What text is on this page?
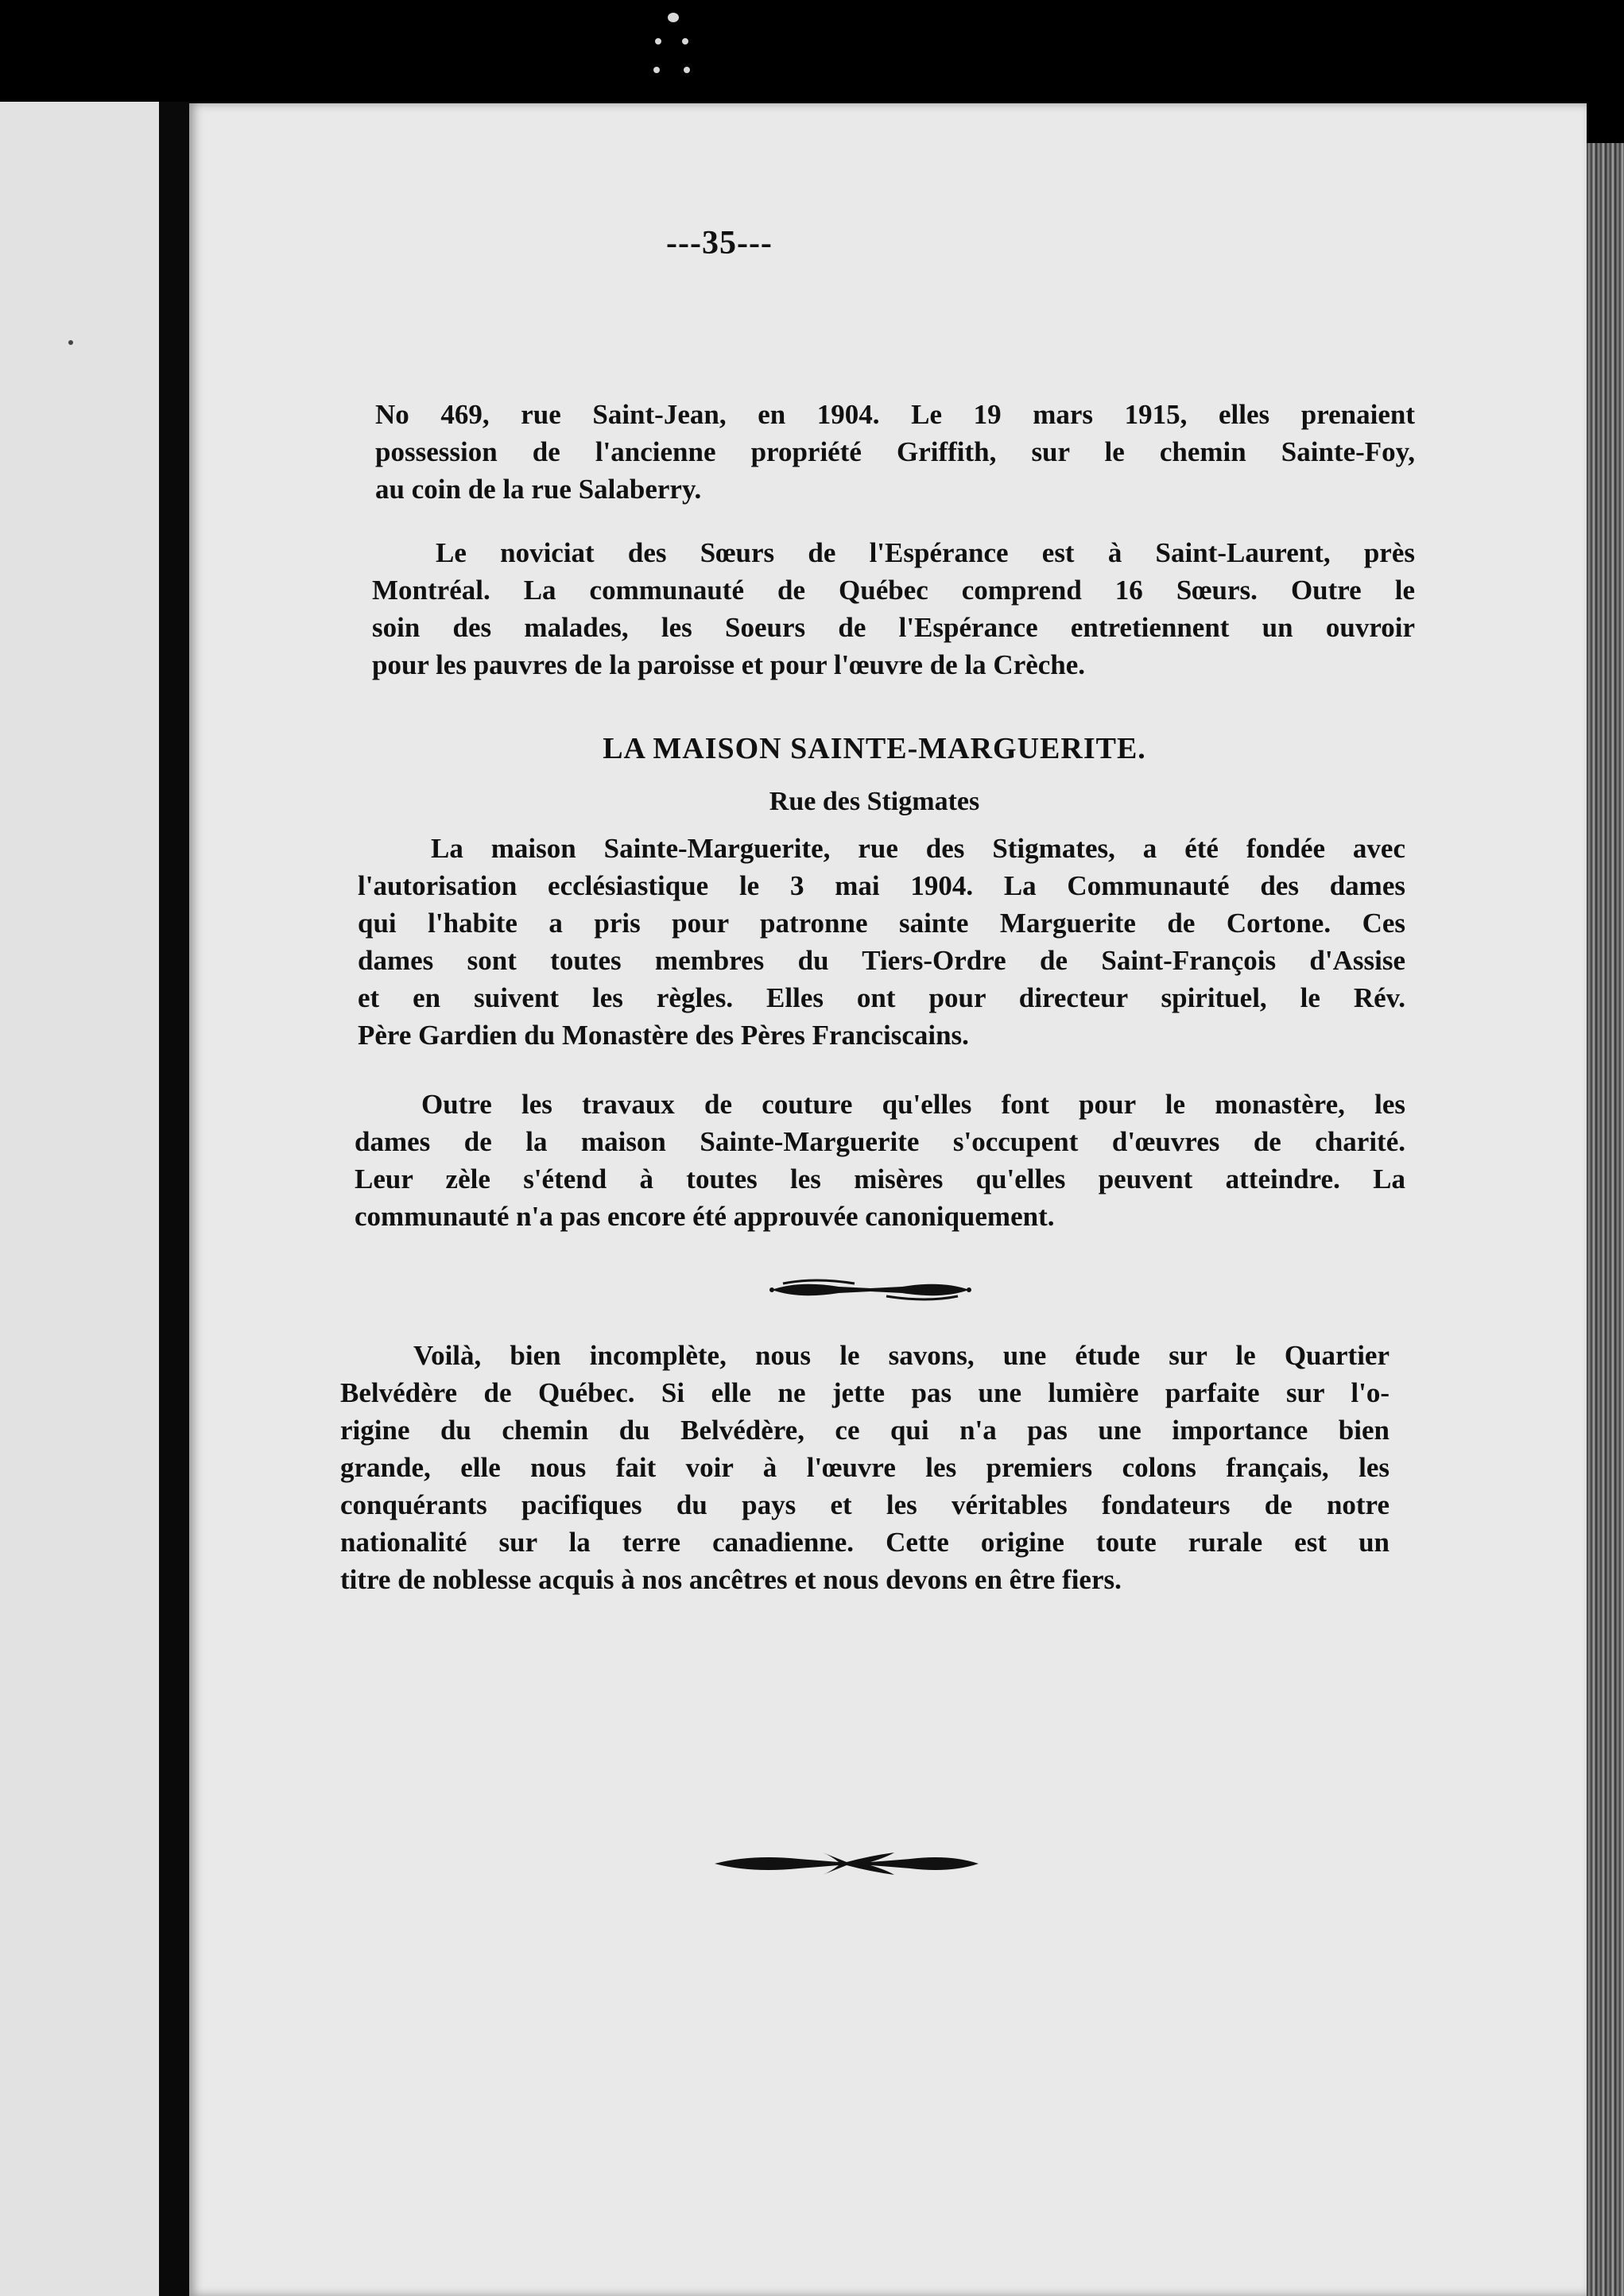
---35---
No 469, rue Saint-Jean, en 1904. Le 19 mars 1915, elles prenaient
possession de l'ancienne propriété Griffith, sur le chemin Sainte-Foy,
au coin de la rue Salaberry.
Le noviciat des Sœurs de l'Espérance est à Saint-Laurent, près
Montréal. La communauté de Québec comprend 16 Sœurs. Outre le
soin des malades, les Soeurs de l'Espérance entretiennent un ouvroir
pour les pauvres de la paroisse et pour l'œuvre de la Crèche.
LA MAISON SAINTE-MARGUERITE.
Rue des Stigmates
La maison Sainte-Marguerite, rue des Stigmates, a été fondée avec
l'autorisation ecclésiastique le 3 mai 1904. La Communauté des dames
qui l'habite a pris pour patronne sainte Marguerite de Cortone. Ces
dames sont toutes membres du Tiers-Ordre de Saint-François d'Assise
et en suivent les règles. Elles ont pour directeur spirituel, le Rév.
Père Gardien du Monastère des Pères Franciscains.
Outre les travaux de couture qu'elles font pour le monastère, les
dames de la maison Sainte-Marguerite s'occupent d'œuvres de charité.
Leur zèle s'étend à toutes les misères qu'elles peuvent atteindre. La
communauté n'a pas encore été approuvée canoniquement.
Voilà, bien incomplète, nous le savons, une étude sur le Quartier
Belvédère de Québec. Si elle ne jette pas une lumière parfaite sur l'o-
rigine du chemin du Belvédère, ce qui n'a pas une importance bien
grande, elle nous fait voir à l'œuvre les premiers colons français, les
conquérants pacifiques du pays et les véritables fondateurs de notre
nationalité sur la terre canadienne. Cette origine toute rurale est un
titre de noblesse acquis à nos ancêtres et nous devons en être fiers.
